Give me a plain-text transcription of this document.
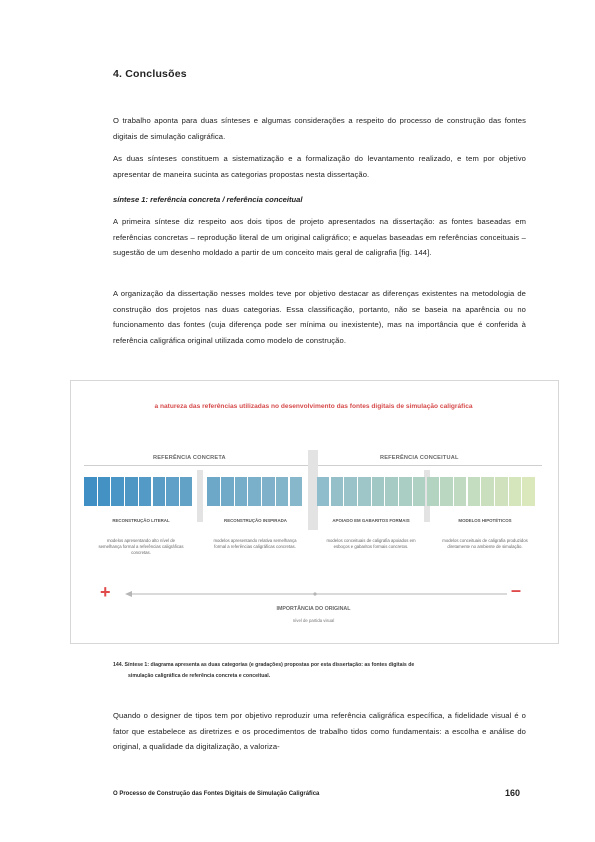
4. Conclusões
O trabalho aponta para duas sínteses e algumas considerações a respeito do processo de construção das fontes digitais de simulação caligráfica.
As duas sínteses constituem a sistematização e a formalização do levantamento realizado, e tem por objetivo apresentar de maneira sucinta as categorias propostas nesta dissertação.
síntese 1: referência concreta / referência conceitual
A primeira síntese diz respeito aos dois tipos de projeto apresentados na dissertação: as fontes baseadas em referências concretas – reprodução literal de um original caligráfico; e aquelas baseadas em referências conceituais – sugestão de um desenho moldado a partir de um conceito mais geral de caligrafia [fig. 144].
A organização da dissertação nesses moldes teve por objetivo destacar as diferenças existentes na metodologia de construção dos projetos nas duas categorias. Essa classificação, portanto, não se baseia na aparência ou no funcionamento das fontes (cuja diferença pode ser mínima ou inexistente), mas na importância que é conferida à referência caligráfica original utilizada como modelo de construção.
a natureza das referências utilizadas no desenvolvimento das fontes digitais de simulação caligráfica
REFERÊNCIA CONCRETA	REFERÊNCIA CONCEITUAL
RECONSTRUÇÃO LITERAL	RECONSTRUÇÃO INSPIRADA	APOIADO EM GABARITOS FORMAIS	MODELOS HIPOTÉTICOS
modelos apresentando alto nível de semelhança formal a referências caligráficas concretas.
modelos apresentando relativa semelhança formal a referências caligráficas concretas.
modelos conceituais de caligrafia apoiados em esboços e gabaritos formais concretos.
modelos conceituais de caligrafia produzidos diretamente no ambiente de simulação.
+	–
IMPORTÂNCIA DO ORIGINAL
nível de partida visual
144. Síntese 1: diagrama apresenta as duas categorias (e gradações) propostas por esta dissertação: as fontes digitais de
simulação caligráfica de referência concreta e conceitual.
Quando o designer de tipos tem por objetivo reproduzir uma referência caligráfica específica, a fidelidade visual é o fator que estabelece as diretrizes e os procedimentos de trabalho tidos como fundamentais: a escolha e análise do original, a qualidade da digitalização, a valoriza-
O Processo de Construção das Fontes Digitais de Simulação Caligráfica	160
